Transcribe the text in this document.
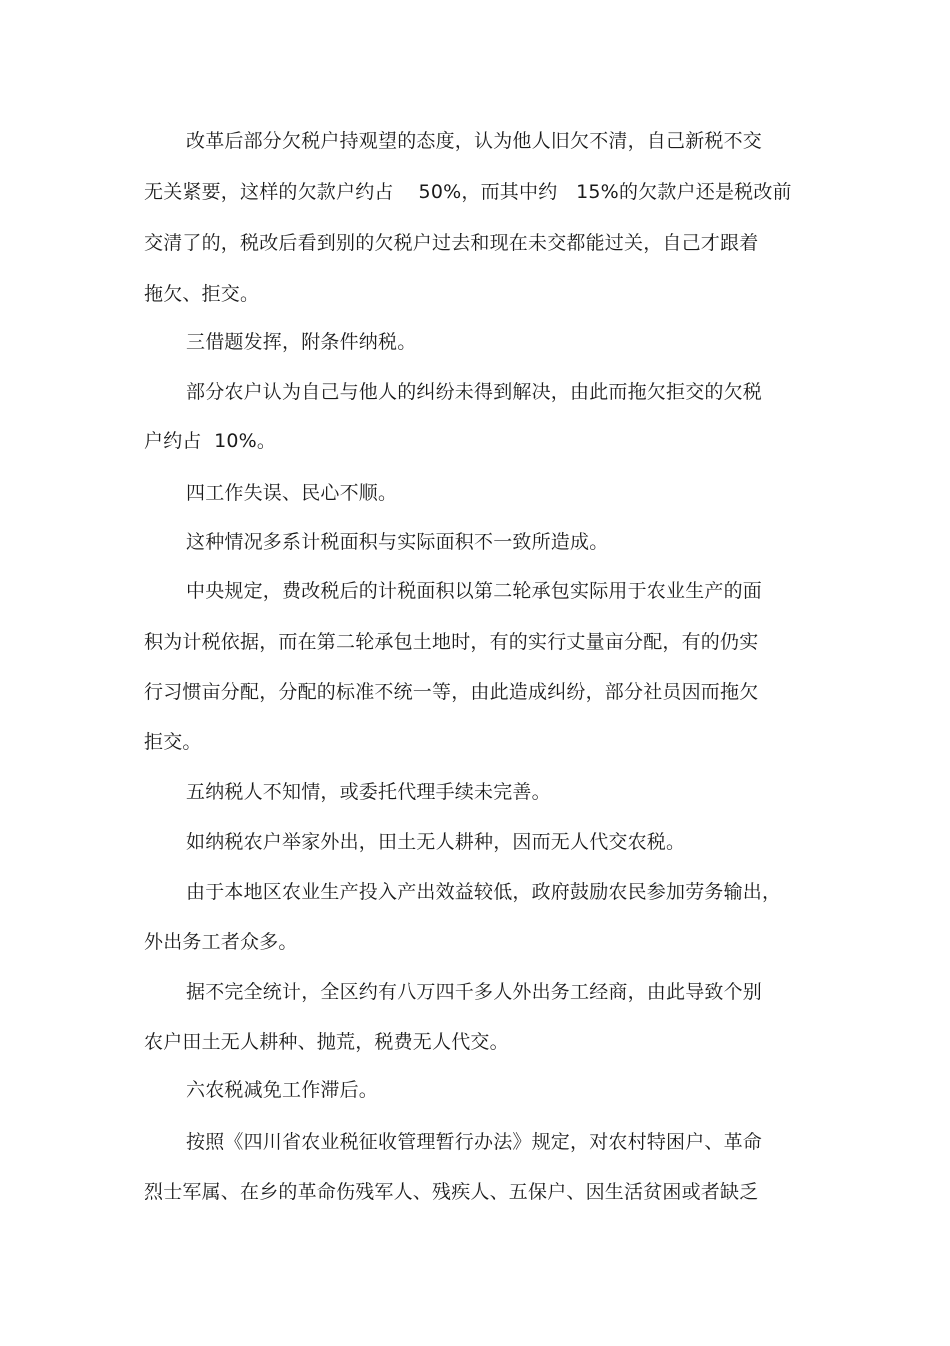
改革后部分欠税户持观望的态度，认为他人旧欠不清，自己新税不交
无关紧要，这样的欠款户约占    50%，而其中约   15%的欠款户还是税改前
交清了的，税改后看到别的欠税户过去和现在未交都能过关，自己才跟着
拖欠、拒交。
三借题发挥，附条件纳税。
部分农户认为自己与他人的纠纷未得到解决，由此而拖欠拒交的欠税
户约占  10%。
四工作失误、民心不顺。
这种情况多系计税面积与实际面积不一致所造成。
中央规定，费改税后的计税面积以第二轮承包实际用于农业生产的面
积为计税依据，而在第二轮承包土地时，有的实行丈量亩分配，有的仍实
行习惯亩分配，分配的标准不统一等，由此造成纠纷，部分社员因而拖欠
拒交。
五纳税人不知情，或委托代理手续未完善。
如纳税农户举家外出，田土无人耕种，因而无人代交农税。
由于本地区农业生产投入产出效益较低，政府鼓励农民参加劳务输出，
外出务工者众多。
据不完全统计，全区约有八万四千多人外出务工经商，由此导致个别
农户田土无人耕种、抛荒，税费无人代交。
六农税减免工作滞后。
按照《四川省农业税征收管理暂行办法》规定，对农村特困户、革命
烈士军属、在乡的革命伤残军人、残疾人、五保户、因生活贫困或者缺乏
